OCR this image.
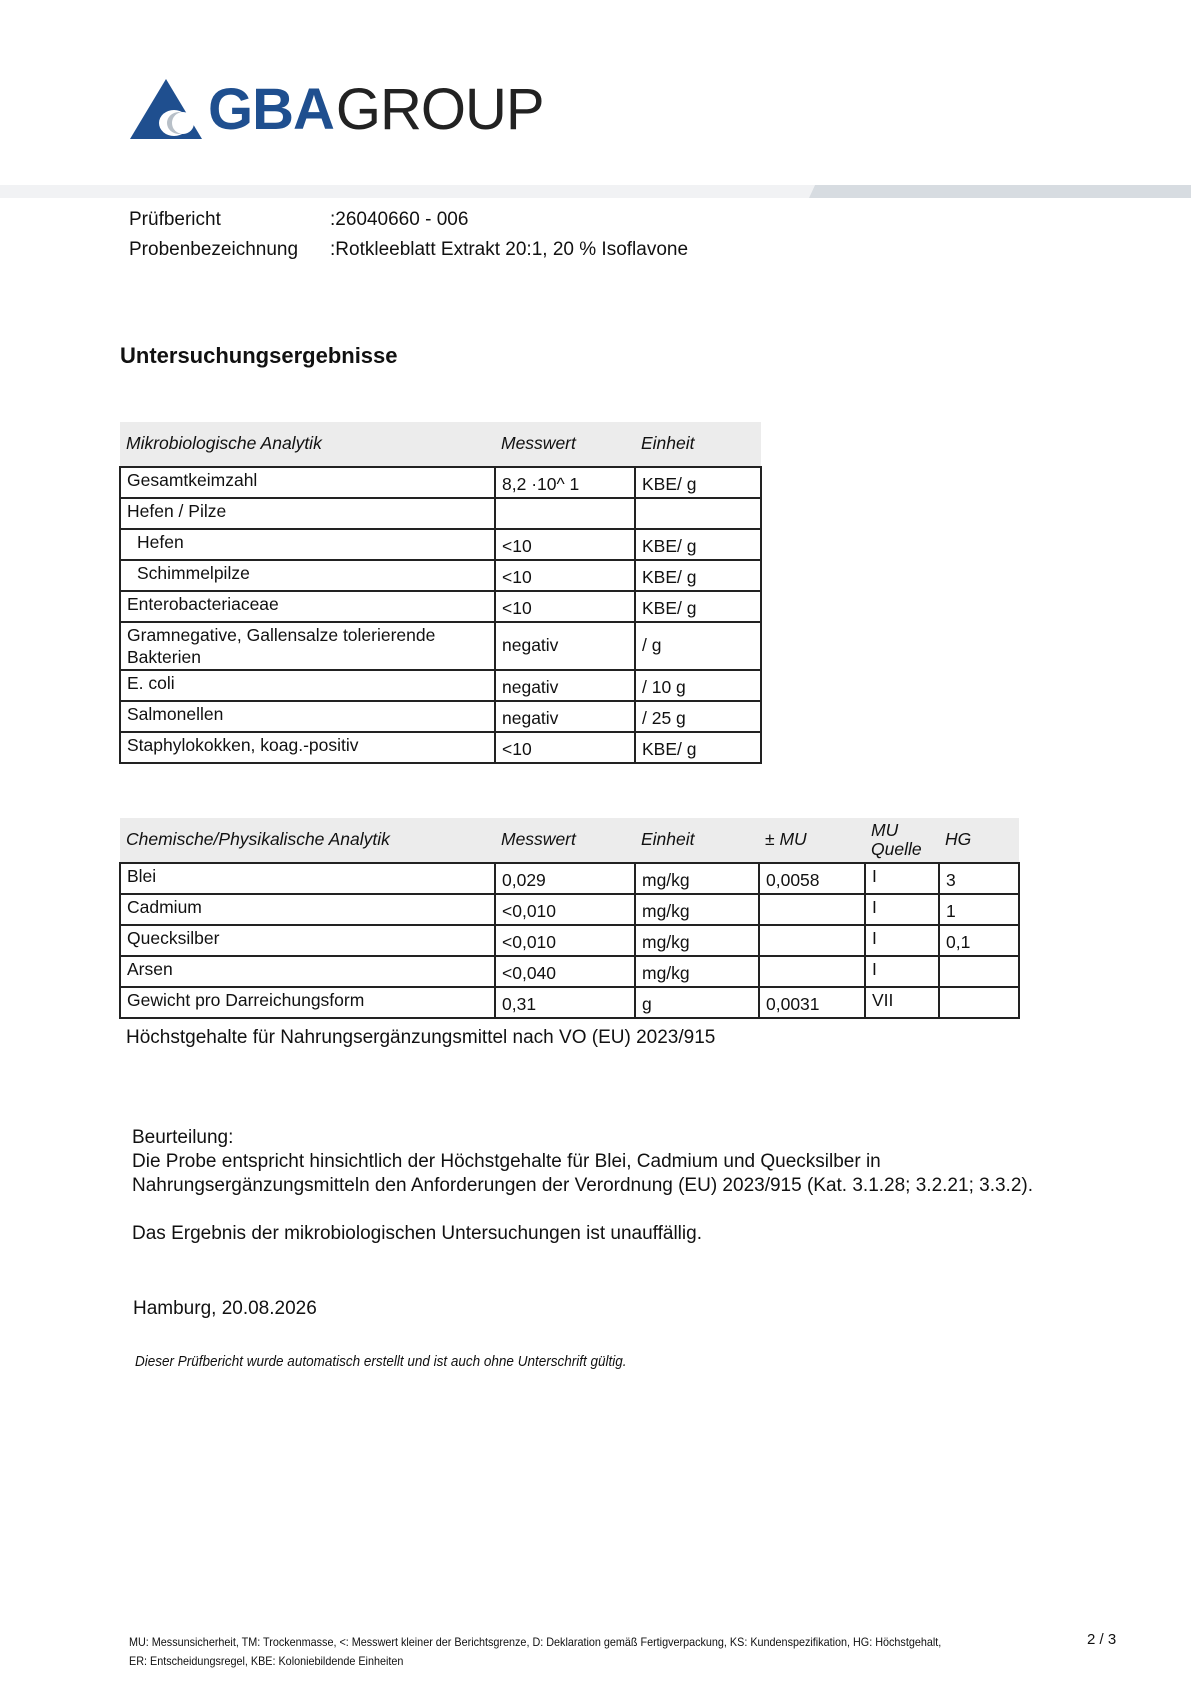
GBA GROUP
Prüfbericht	:26040660 - 006
Probenbezeichnung :Rotkleeblatt Extrakt 20:1, 20 % Isoflavone
Untersuchungsergebnisse
Mikrobiologische Analytik	Messwert	Einheit
Gesamtkeimzahl	8,2 ·10^ 1	KBE/ g
Hefen / Pilze		
Hefen	<10	KBE/ g
Schimmelpilze	<10	KBE/ g
Enterobacteriaceae	<10	KBE/ g
Gramnegative, Gallensalze tolerierende Bakterien	negativ	/ g
E. coli	negativ	/ 10 g
Salmonellen	negativ	/ 25 g
Staphylokokken, koag.-positiv	<10	KBE/ g
Chemische/Physikalische Analytik	Messwert	Einheit	± MU	MU Quelle	HG
Blei	0,029	mg/kg	0,0058	I	3
Cadmium	<0,010	mg/kg		I	1
Quecksilber	<0,010	mg/kg		I	0,1
Arsen	<0,040	mg/kg		I	
Gewicht pro Darreichungsform	0,31	g	0,0031	VII	
Höchstgehalte für Nahrungsergänzungsmittel nach VO (EU) 2023/915
Beurteilung:
Die Probe entspricht hinsichtlich der Höchstgehalte für Blei, Cadmium und Quecksilber in
Nahrungsergänzungsmitteln den Anforderungen der Verordnung (EU) 2023/915 (Kat. 3.1.28; 3.2.21; 3.3.2).
Das Ergebnis der mikrobiologischen Untersuchungen ist unauffällig.
Hamburg, 20.08.2026
Dieser Prüfbericht wurde automatisch erstellt und ist auch ohne Unterschrift gültig.
MU: Messunsicherheit, TM: Trockenmasse, <: Messwert kleiner der Berichtsgrenze, D: Deklaration gemäß Fertigverpackung, KS: Kundenspezifikation, HG: Höchstgehalt,
ER: Entscheidungsregel, KBE: Koloniebildende Einheiten
2 / 3
